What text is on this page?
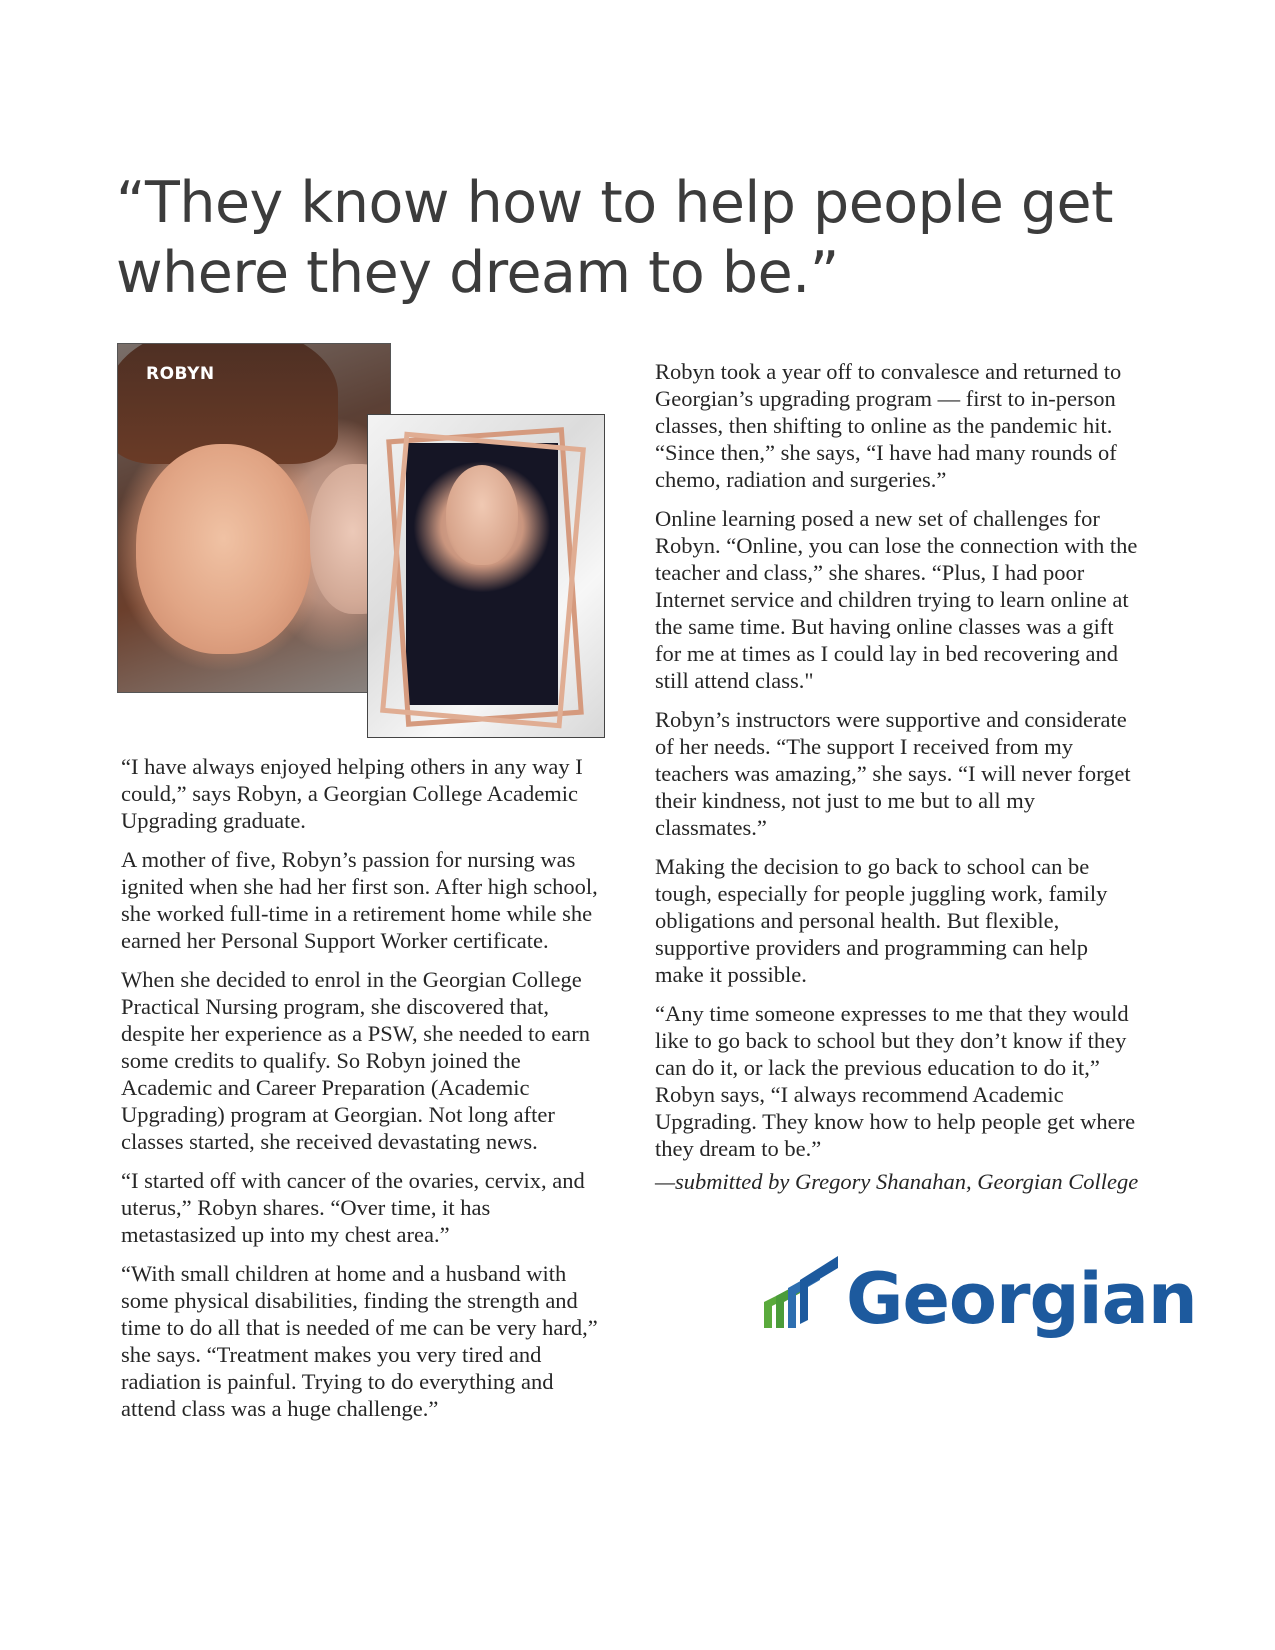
“They know how to help people get where they dream to be.”
ROBYN

“I have always enjoyed helping others in any way I could,” says Robyn, a Georgian College Academic Upgrading graduate.

A mother of five, Robyn’s passion for nursing was ignited when she had her first son. After high school, she worked full-time in a retirement home while she earned her Personal Support Worker certificate.

When she decided to enrol in the Georgian College Practical Nursing program, she discovered that, despite her experience as a PSW, she needed to earn some credits to qualify. So Robyn joined the Academic and Career Preparation (Academic Upgrading) program at Georgian. Not long after classes started, she received devastating news.

“I started off with cancer of the ovaries, cervix, and uterus,” Robyn shares. “Over time, it has metastasized up into my chest area.”

“With small children at home and a husband with some physical disabilities, finding the strength and time to do all that is needed of me can be very hard,” she says. “Treatment makes you very tired and radiation is painful. Trying to do everything and attend class was a huge challenge.”

Robyn took a year off to convalesce and returned to Georgian’s upgrading program — first to in-person classes, then shifting to online as the pandemic hit. “Since then,” she says, “I have had many rounds of chemo, radiation and surgeries.”

Online learning posed a new set of challenges for Robyn. “Online, you can lose the connection with the teacher and class,” she shares. “Plus, I had poor Internet service and children trying to learn online at the same time. But having online classes was a gift for me at times as I could lay in bed recovering and still attend class."

Robyn’s instructors were supportive and considerate of her needs. “The support I received from my teachers was amazing,” she says. “I will never forget their kindness, not just to me but to all my classmates.”

Making the decision to go back to school can be tough, especially for people juggling work, family obligations and personal health. But flexible, supportive providers and programming can help make it possible.

“Any time someone expresses to me that they would like to go back to school but they don’t know if they can do it, or lack the previous education to do it,” Robyn says, “I always recommend Academic Upgrading. They know how to help people get where they dream to be.”

—submitted by Gregory Shanahan, Georgian College

Georgian
